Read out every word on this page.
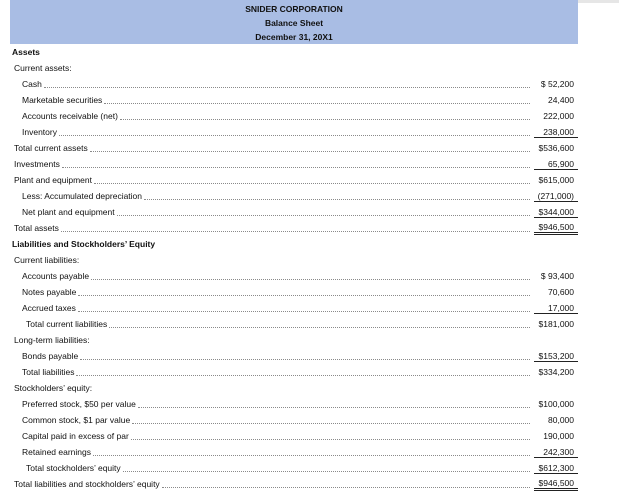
SNIDER CORPORATION
Balance Sheet
December 31, 20X1
Assets
Current assets:
Cash	$ 52,200
Marketable securities	24,400
Accounts receivable (net)	222,000
Inventory	238,000
Total current assets	$536,600
Investments	65,900
Plant and equipment	$615,000
Less: Accumulated depreciation	(271,000)
Net plant and equipment	$344,000
Total assets	$946,500
Liabilities and Stockholders’ Equity
Current liabilities:
Accounts payable	$ 93,400
Notes payable	70,600
Accrued taxes	17,000
Total current liabilities	$181,000
Long-term liabilities:
Bonds payable	$153,200
Total liabilities	$334,200
Stockholders’ equity:
Preferred stock, $50 per value	$100,000
Common stock, $1 par value	80,000
Capital paid in excess of par	190,000
Retained earnings	242,300
Total stockholders’ equity	$612,300
Total liabilities and stockholders’ equity	$946,500
